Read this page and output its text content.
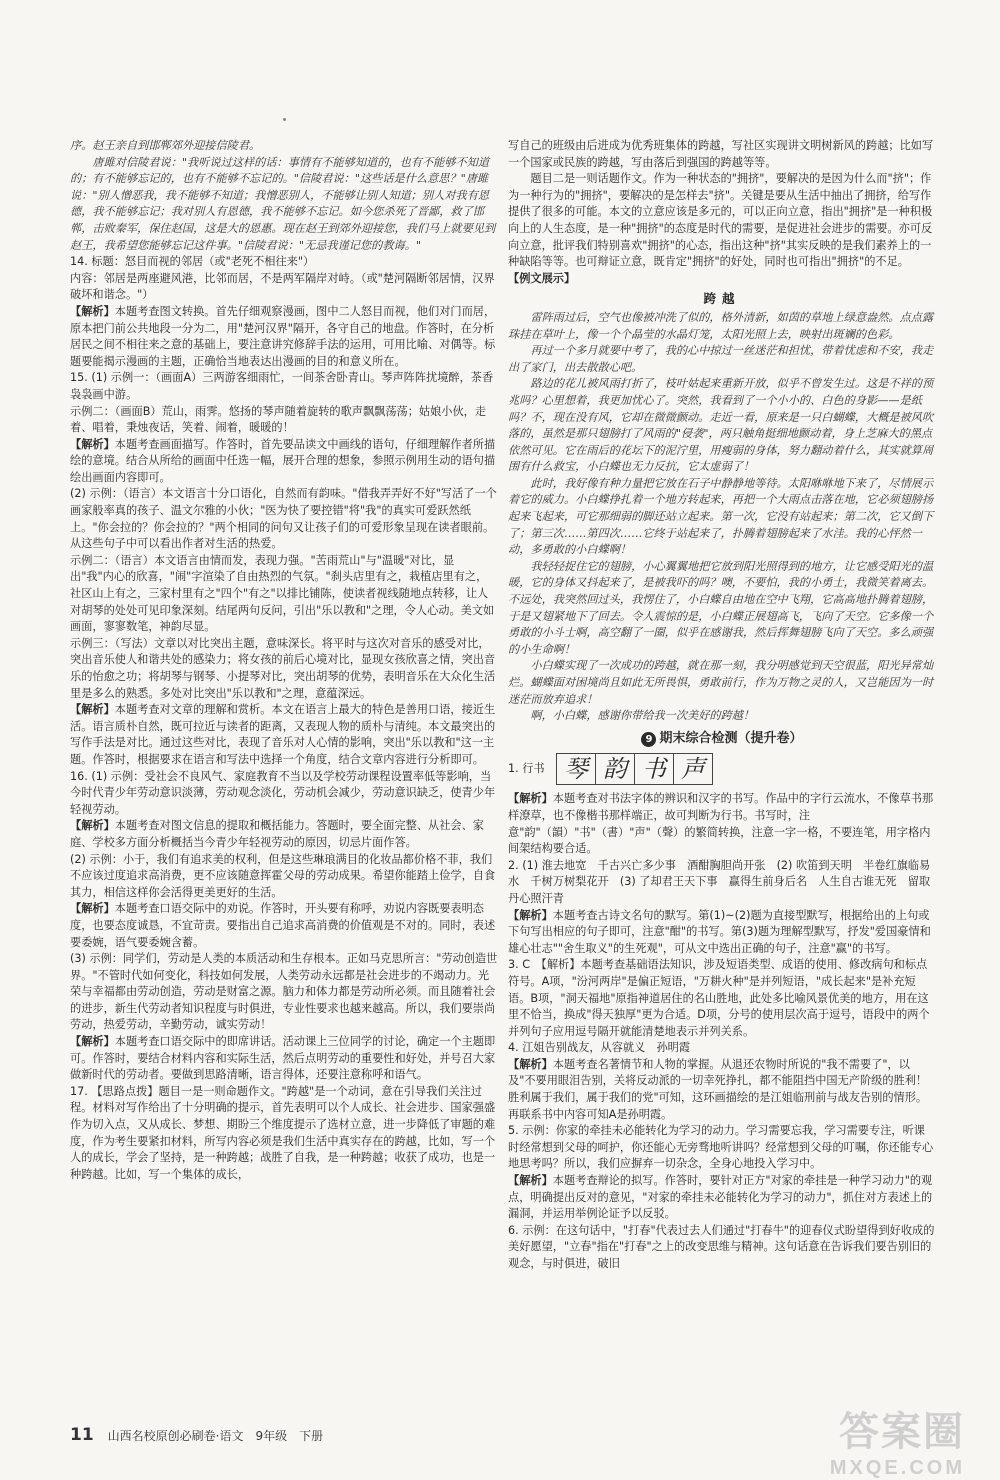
序。赵王亲自到邯郸郊外迎接信陵君。

唐雎对信陵君说："我听说过这样的话：事情有不能够知道的，也有不能够不知道的；有不能够忘记的，也有不能够不忘记的。"信陵君说："这些话是什么意思？"唐雎说："别人憎恶我，我不能够不知道；我憎恶别人，不能够让别人知道；别人对我有恩德，我不能够忘记；我对别人有恩德，我不能够不忘记。如今您杀死了晋鄙，救了邯郸，击败秦军，保住赵国，这是大的恩惠。现在赵王到郊外迎接您，我们马上就要见到赵王，我希望您能够忘记这件事。"信陵君说："无忌我谨记您的教诲。"

14. 标题：怒目而视的邻居（或"老死不相往来"）

内容：邻居是两座避风港，比邻而居，不是两军隔岸对峙。（或"楚河隔断邻居情，汉界破坏和谐念。"）

【解析】本题考查图文转换。首先仔细观察漫画，图中二人怒目而视，他们对门而居，原本把门前公共地段一分为二，用"楚河汉界"隔开，各守自己的地盘。作答时，在分析居民之间不相往来之意的基础上，要注意讲究修辞手法的运用，可用比喻、对偶等。标题要能揭示漫画的主题，正确恰当地表达出漫画的目的和意义所在。

15. (1) 示例一：（画面A）三两游客细雨忙，一间茶舍卧青山。琴声阵阵扰境醉，茶香袅袅画中游。

示例二：（画面B）荒山，雨霁。悠扬的琴声随着旋转的歌声飘飘荡荡；姑娘小伙，走着、唱着，秉烛夜话，笑着、闹着，暖暖的！

【解析】本题考查画面描写。作答时，首先要品读文中画线的语句，仔细理解作者所描绘的意境。结合从所给的画面中任选一幅，展开合理的想象，参照示例用生动的语句描绘出画面内容即可。

(2) 示例：（语言）本文语言十分口语化，自然而有韵味。"借我弄弄好不好"写活了一个画家般率真的孩子、温文尔雅的小伙；"医为快了要控错"将"我"的真实可爱跃然纸上。"你会拉的？你会拉的？"两个相同的问句又让孩子们的可爱形象呈现在读者眼前。从这些句子中可以看出作者对生活的热爱。

示例二：（语言）本文语言由情而发，表现力强。"苦雨荒山"与"温暖"对比，显出"我"内心的欣喜，"闹"字渲染了自由热烈的气氛。"刹头店里有之，栽植店里有之，社区山上有之，三家村里有之"四个"有之"以排比铺陈，使读者视线随地点转移，让人对胡琴的处处可见印象深刻。结尾两句反问，引出"乐以教和"之理，令人心动。美文如画面，寥寥数笔，神韵尽显。

示例三：（写法）文章以对比突出主题，意味深长。将平时与这次对音乐的感受对比，突出音乐使人和谐共处的感染力；将女孩的前后心境对比，显现女孩欣喜之情，突出音乐的怡愈之功；将胡琴与钢琴、小提琴对比，突出胡琴的优势，表明音乐在大众化生活里是多么的熟悉。多处对比突出"乐以教和"之理，意蕴深远。

【解析】本题考查对文章的理解和赏析。本文在语言上最大的特色是善用口语，接近生活。语言质朴自然，既可拉近与读者的距离，又表现人物的质朴与清纯。本文最突出的写作手法是对比。通过这些对比，表现了音乐对人心情的影响，突出"乐以教和"这一主题。作答时，根据要求在语言和写法中选择一个角度，结合文章内容进行分析即可。

16. (1) 示例：受社会不良风气、家庭教育不当以及学校劳动课程设置率低等影响，当今时代青少年劳动意识淡薄，劳动观念淡化，劳动机会减少，劳动意识缺乏，使青少年轻视劳动。

【解析】本题考查对图文信息的提取和概括能力。答题时，要全面完整、从社会、家庭、学校多方面分析概括当今青少年轻视劳动的原因，切忌片面作答。

(2) 示例：小于，我们有追求美的权利，但是这些琳琅满目的化妆品都价格不菲，我们不应该过度追求高消费，更不应该随意挥霍父母的劳动成果。希望你能踏上俭学，自食其力，相信这样你会活得更美更好的生活。

【解析】本题考查口语交际中的劝说。作答时，开头要有称呼，劝说内容既要表明态度，也要态度诚恳，不宜苛责。要指出自己追求高消费的价值观是不对的。同时，表述要委婉，语气要委婉含蓄。

(3) 示例：同学们，劳动是人类的本质活动和生存根本。正如马克思所言："劳动创造世界。"不管时代如何变化，科技如何发展，人类劳动永远都是社会进步的不竭动力。光荣与幸福都由劳动创造，劳动是财富之源。脑力和体力都是劳动所必须。而且随着社会的进步，新生代劳动者知识程度与时俱进，专业性要求也越来越高。所以，我们要崇尚劳动，热爱劳动，辛勤劳动，诚实劳动！

【解析】本题考查口语交际中的即席讲话。活动课上三位同学的讨论，确定一个主题即可。作答时，要结合材料内容和实际生活，然后点明劳动的重要性和好处，并号召大家做新时代的劳动者。要做到思路清晰，语言得体，还要注意称呼和语气。

17. 【思路点拨】题目一是一则命题作文。"跨越"是一个动词，意在引导我们关注过程。材料对写作给出了十分明确的提示，首先表明可以个人成长、社会进步、国家强盛作为切入点，又从成长、梦想、期盼三个维度提示了选材立意，进一步降低了审题的难度，作为考生要紧扣材料，所写内容必须是我们生活中真实存在的跨越，比如，写一个人的成长，学会了坚持，是一种跨越；战胜了自我，是一种跨越；收获了成功，也是一种跨越。比如，写一个集体的成长，

写自己的班级由后进成为优秀班集体的跨越，写社区实现讲文明树新风的跨越；比如写一个国家或民族的跨越，写由落后到强国的跨越等等。

题目二是一则话题作文。作为一种状态的"拥挤"，要解决的是因为什么而"挤"；作为一种行为的"拥挤"，要解决的是怎样去"挤"。关键是要从生活中抽出了拥挤，给写作提供了很多的可能。本文的立意应该是多元的，可以正向立意，指出"拥挤"是一种积极向上的人生态度，是一种"拥挤"的态度是时代的需要，是促进社会进步的需要。亦可反向立意，批评我们特别喜欢"拥挤"的心态，指出这种"挤"其实反映的是我们素养上的一种缺陷等等。也可辩证立意，既肯定"拥挤"的好处，同时也可指出"拥挤"的不足。

【例文展示】

跨越

雷阵雨过后，空气也像被冲洗了似的，格外清新，如茵的草地上绿意盎然。点点露珠挂在草叶上，像一个个晶莹的水晶灯笼，太阳光照上去，映射出斑斓的色彩。

再过一个多月就要中考了，我的心中掠过一丝迷茫和担忧，带着忧虑和不安，我走出了家门，出去散散心吧。

路边的花儿被风雨打折了，枝叶姑起来重新开放，似乎不曾发生过。这是不祥的预兆吗？心里想着，我更加忧心了。突然，我看到了一个小小的、白色的身影——是纸吗？不，现在没有风，它却在微微颤动。走近一看，原来是一只白蝴蝶，大概是被风吹落的，虽然是那只翅膀打了风雨的"侵袭"，两只触角挺细地颤动着，身上芝麻大的黑点依然可见。它在雨后的花坛下的泥泞里，用瘦弱的身体，努力翻动着什么，其实就算周围有什么救宝，小白蝶也无力反抗，它太虚弱了！

此时，我好像有种力量把它放在石子中静静地等待。太阳咻咻地下来了，尽情展示着它的威力。小白蝶挣扎着一个地方转起来，再把一个大雨点击落在地，它必须翅膀扬起来飞起来，可它那细弱的脚还站立起来。第一次，它没有站起来；第二次，它又倒下了；第三次……第四次……它终于站起来了，扑腾着翅膀起来了水洼。我的心怦然一动，多勇敢的小白蝶啊！

我轻轻捉住它的翅膀，小心翼翼地把它放到阳光照得到的地方，让它感受阳光的温暖，它的身体又抖起来了，是被我吓的吗？噢，不要怕，我的小勇士，我微笑着离去。不远处，我突然回过头，我愣住了，小白蝶自由地在空中飞翔，它高高地扑腾着翅膀，于是又翅紧地下了回去。令人震惊的是，小白蝶正展翅高飞，飞向了天空。它多像一个勇敢的小斗士啊，高空翻了一圈，似乎在感谢我，然后挥舞翅膀飞向了天空。多么顽强的小生命啊！

小白蝶实现了一次成功的跨越，就在那一刻，我分明感觉到天空很蓝，阳光异常灿烂。蝴蝶面对困境尚且如此无所畏惧，勇敢前行，作为万物之灵的人，又岂能因为一时迷茫而放弃追求！

啊，小白蝶，感谢你带给我一次美好的跨越！

9 期末综合检测（提升卷）
1. 行书 琴 韵 书 声

【解析】本题考查对书法字体的辨识和汉字的书写。作品中的字行云流水，不像草书那样潦草，也不像楷书那样端正，故可判断为行书。书写时，注意"韵"（韻）"书"（書）"声"（聲）的繁简转换，注意一字一格，不要连笔，用字格内间架结构要合适。

2. (1) 淮去地宽　千古兴亡多少事　酒酣胸胆尚开张　(2) 吹笛到天明　半卷红旗临易水　千树万树梨花开　(3) 了却君王天下事　赢得生前身后名　人生自古谁无死　留取丹心照汗青

【解析】本题考查古诗文名句的默写。第(1)~(2)题为直接型默写，根据给出的上句或下句写出相应的句子即可，注意"酣"的书写。第(3)题为理解型默写，抒发"爱国豪情和雄心壮志""舍生取义"的生死观"，可从文中选出正确的句子，注意"赢"的书写。

3. C　【解析】本题考查基础语法知识，涉及短语类型、成语的使用、修改病句和标点符号。A项，"汾河两岸"是偏正短语，"万耕火种"是并列短语，"成长起来"是补充短语。B项，"洞天福地"原指神道居住的名山胜地，此处多比喻风景优美的地方，用在这里不恰当，换成"得天独厚"更为合适。D项，分号的使用层次高于逗号，语段中的两个并列句子应用逗号隔开就能清楚地表示并列关系。

4. 江姐告别战友，从容就义　孙明霞

【解析】本题考查名著情节和人物的掌握。从退还农物时所说的"我不需要了"，以及"不要用眼泪告别，关将反动派的一切幸死挣扎，都不能阻挡中国无产阶级的胜利！胜利属于我们，属于我们的党"可知，这环画描绘的是江姐临刑前与战友告别的情形。再联系书中内容可知A是孙明霞。

5. 示例：你家的牵挂未必能转化为学习的动力。学习需要忘我，学习需要专注，听课时经常想到父母的呵护，你还能心无旁骛地听讲吗？经常想到父母的叮嘱，你还能专心地思考吗？所以，我们应摒弃一切杂念，全身心地投入学习中。

【解析】本题考查辩论的拟写。作答时，要针对正方"对家的牵挂是一种学习动力"的观点，明确提出反对的意见，"对家的牵挂未必能转化为学习的动力"，抓住对方表述上的漏洞，并运用举例论证予以反驳。

6. 示例：在这句话中，"打春"代表过去人们通过"打春牛"的迎春仪式盼望得到好收成的美好愿望，"立春"指在"打春"之上的改变思维与精神。这句话意在告诉我们要告别旧的观念，与时俱进，破旧

11 山西名校原创必刷卷·语文　9年级　下册	答案圈
MXQE.COM
